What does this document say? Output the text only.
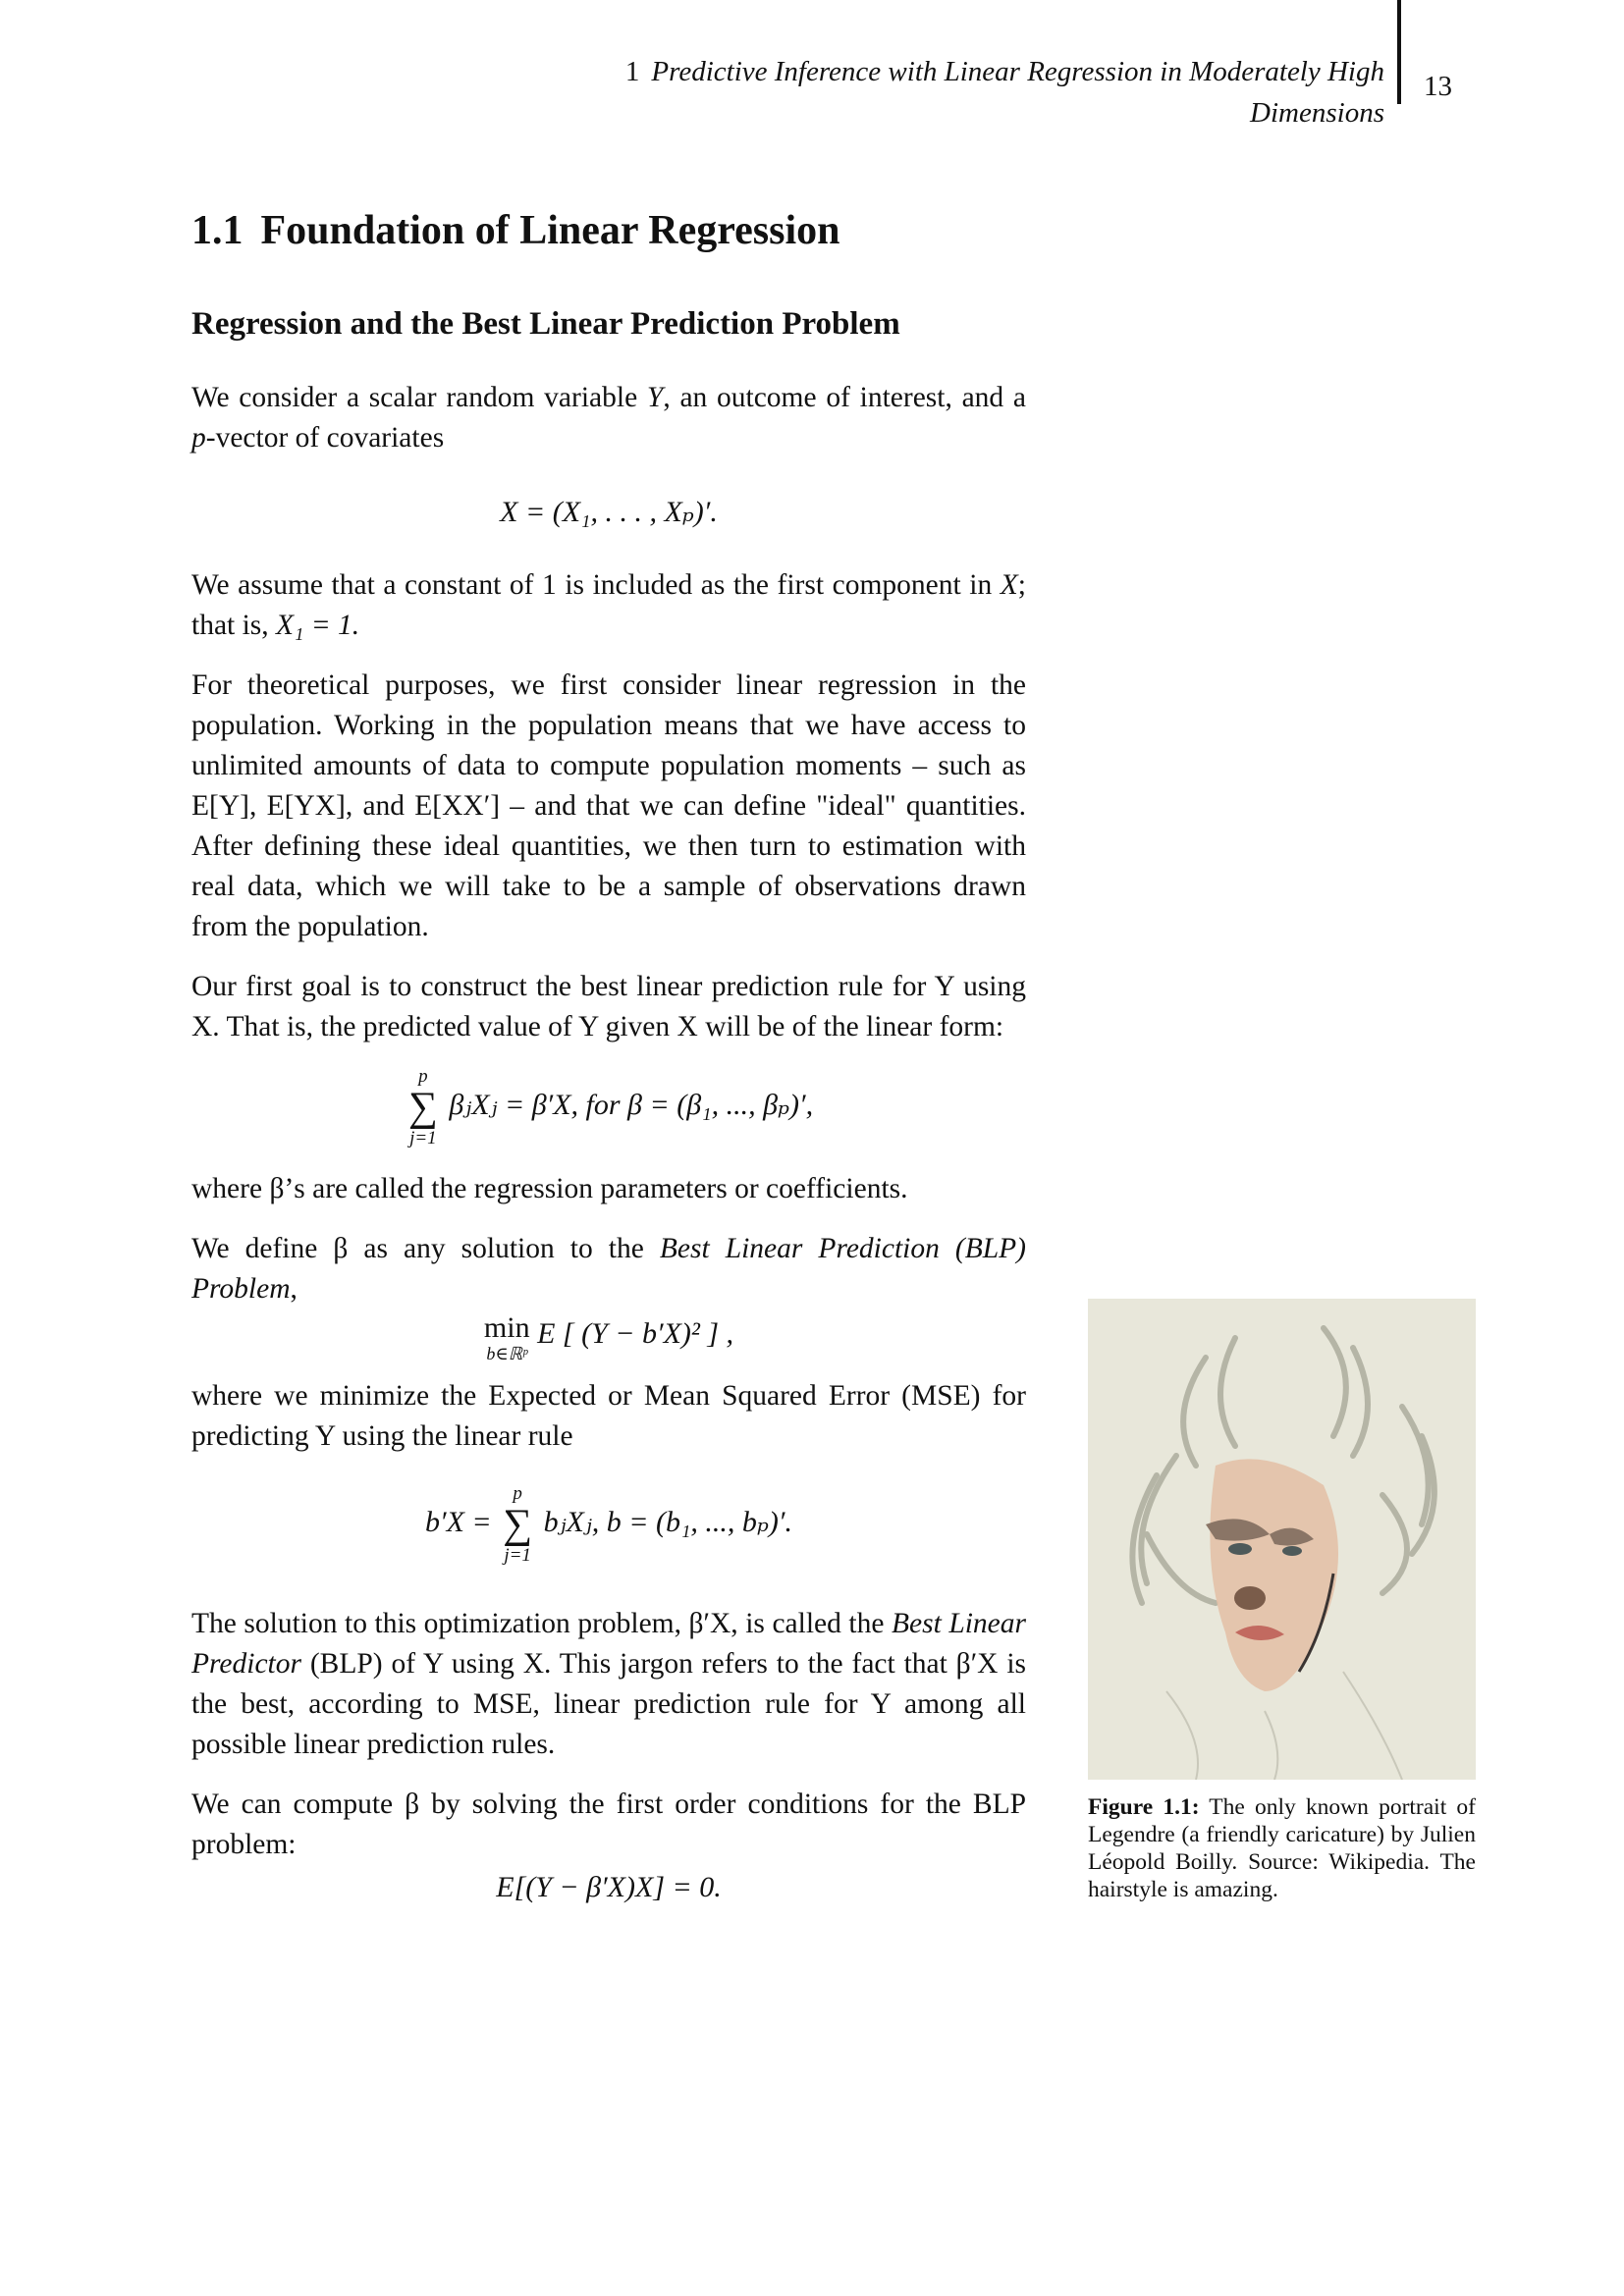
1 Predictive Inference with Linear Regression in Moderately High Dimensions
13
1.1 Foundation of Linear Regression
Regression and the Best Linear Prediction Problem

We consider a scalar random variable Y, an outcome of interest, and a p-vector of covariates

X = (X₁, . . . , Xₚ)′.

We assume that a constant of 1 is included as the first component in X; that is, X₁ = 1.

For theoretical purposes, we first consider linear regression in the population. Working in the population means that we have access to unlimited amounts of data to compute population moments – such as E[Y], E[YX], and E[XX′] – and that we can define "ideal" quantities. After defining these ideal quantities, we then turn to estimation with real data, which we will take to be a sample of observations drawn from the population.

Our first goal is to construct the best linear prediction rule for Y using X. That is, the predicted value of Y given X will be of the linear form:

p
∑
j=1
βⱼXⱼ = β′X, for β = (β₁, ..., βₚ)′,

where β’s are called the regression parameters or coefficients.

We define β as any solution to the Best Linear Prediction (BLP) Problem,

min
b∈ℝᵖ
E [ (Y − b′X)² ] ,

where we minimize the Expected or Mean Squared Error (MSE) for predicting Y using the linear rule

b′X =
p
∑
j=1
bⱼXⱼ, b = (b₁, ..., bₚ)′.

The solution to this optimization problem, β′X, is called the Best Linear Predictor (BLP) of Y using X. This jargon refers to the fact that β′X is the best, according to MSE, linear prediction rule for Y among all possible linear prediction rules.

We can compute β by solving the first order conditions for the BLP problem:

E[(Y − β′X)X] = 0.
Figure 1.1: The only known portrait of Legendre (a friendly caricature) by Julien Léopold Boilly. Source: Wikipedia. The hairstyle is amazing.
